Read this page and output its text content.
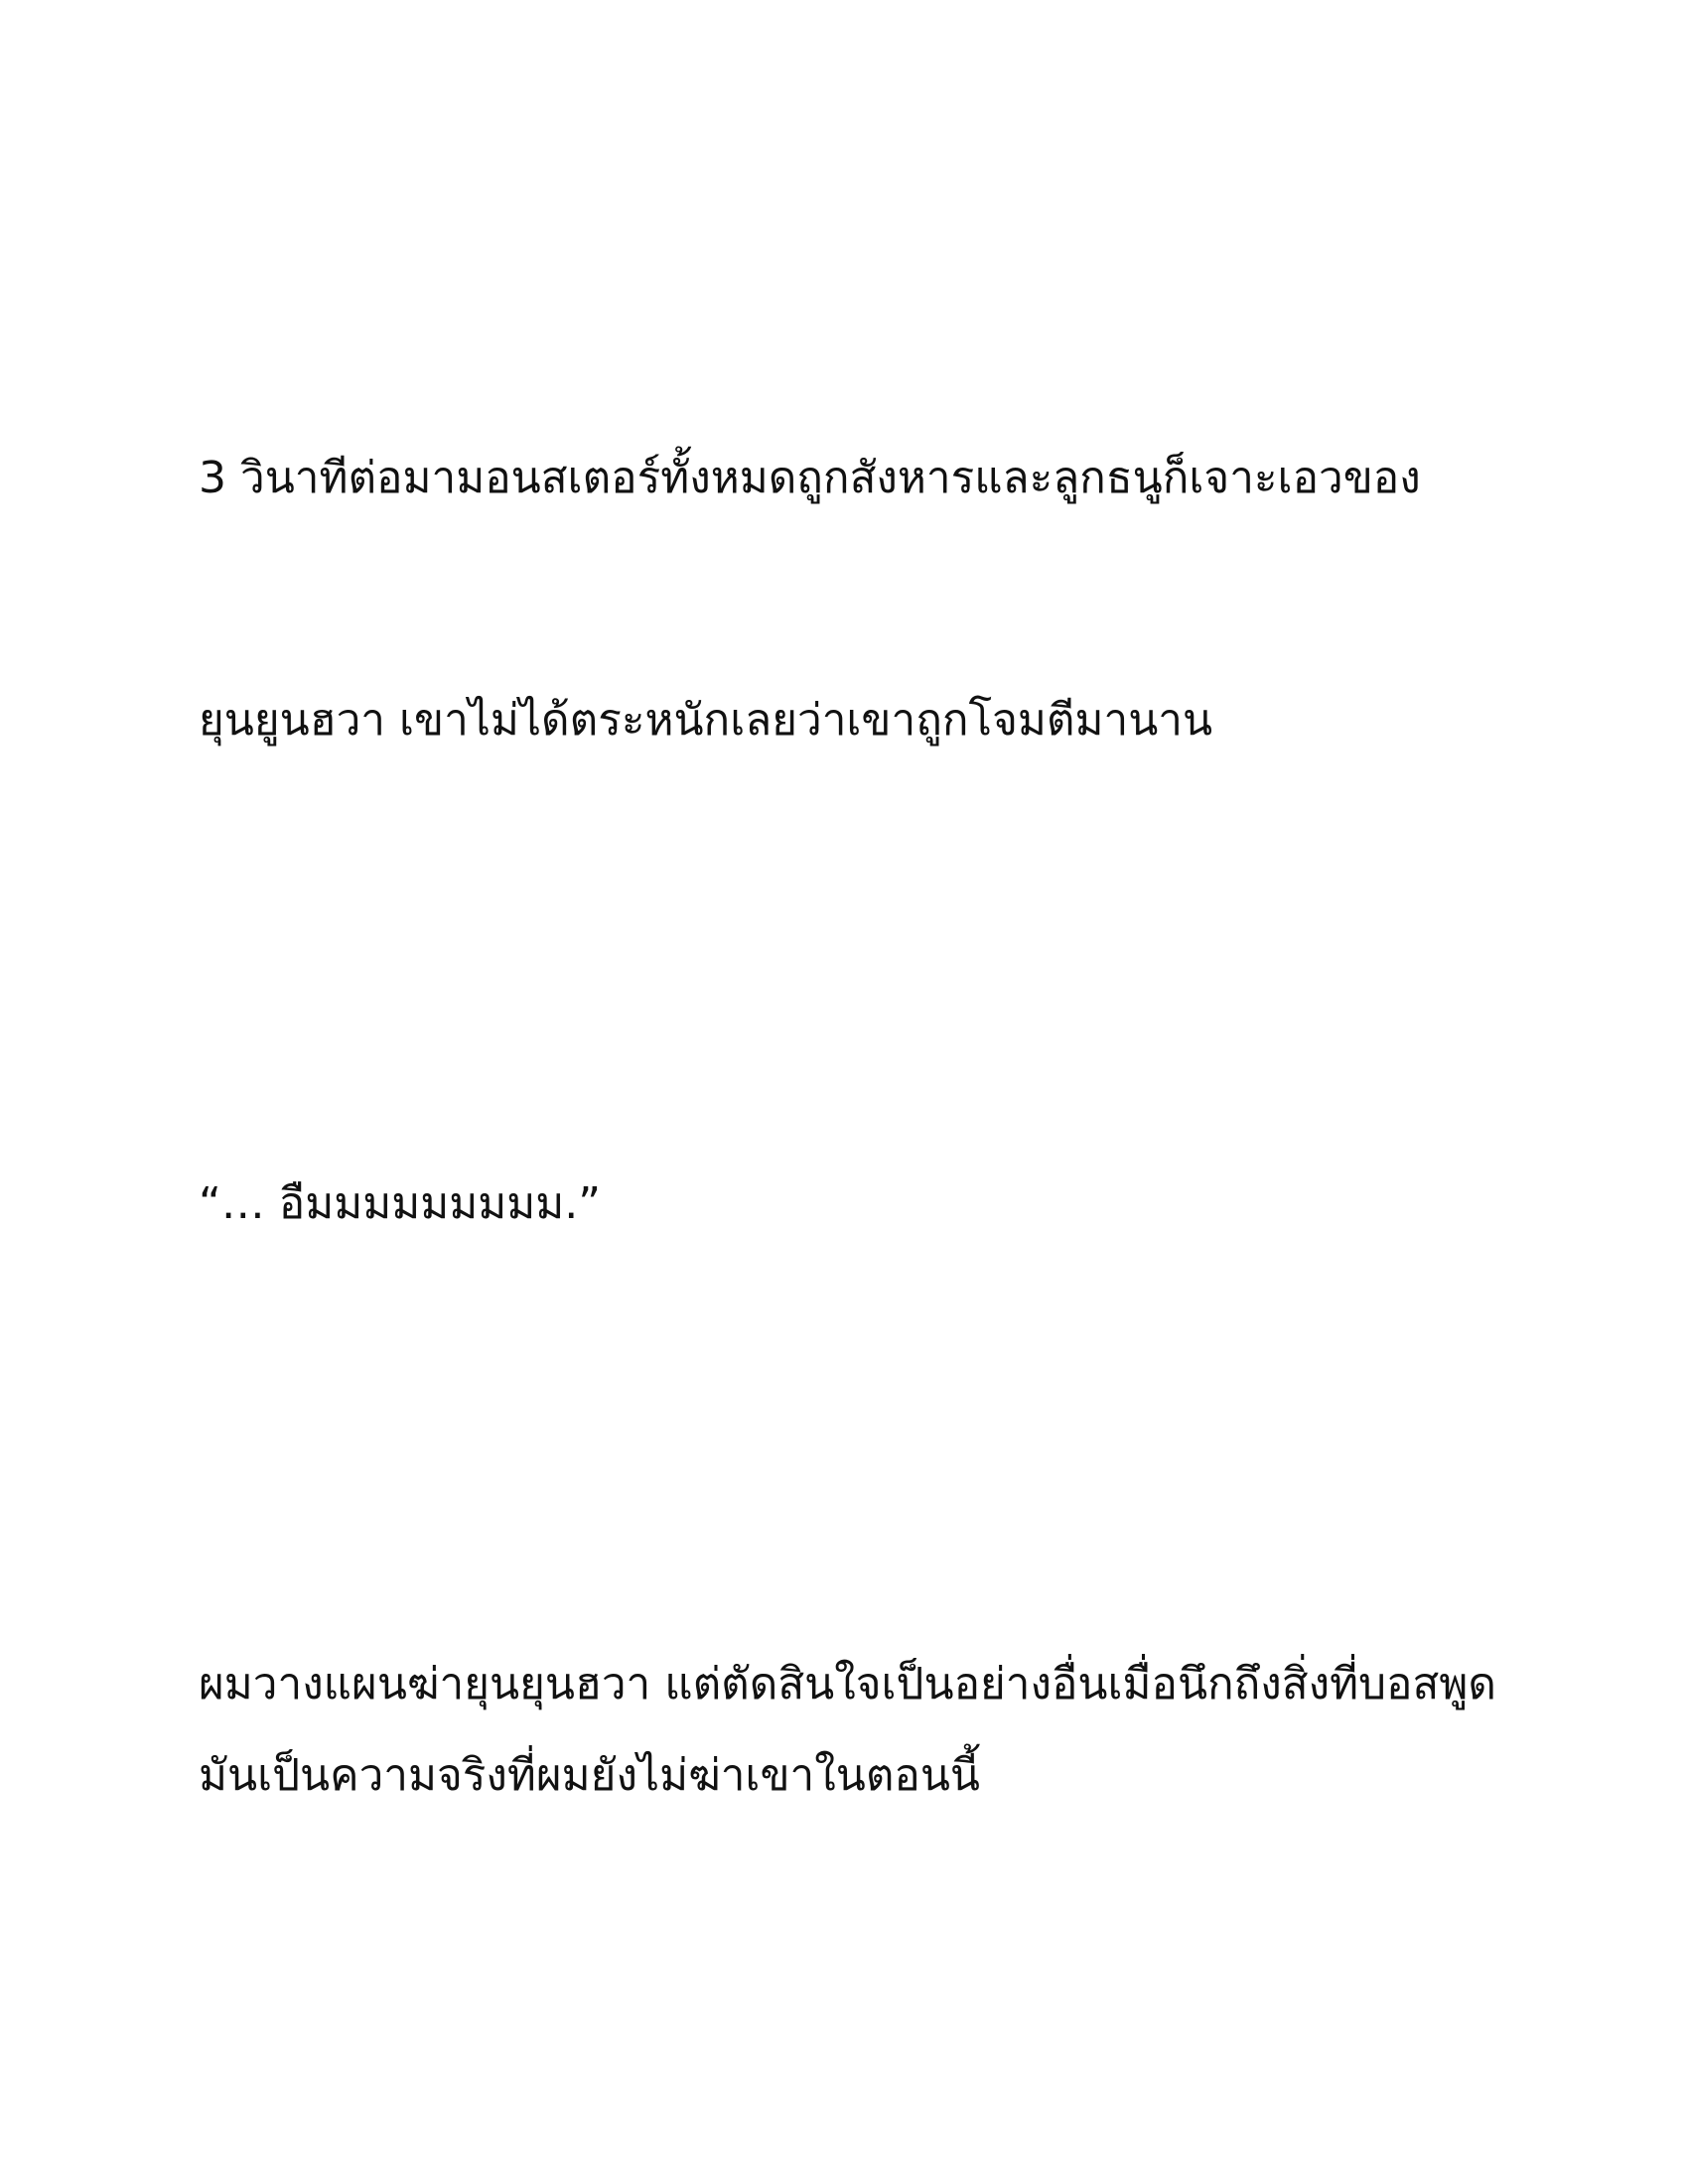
3 วินาทีต่อมามอนสเตอร์ทั้งหมดถูกสังหารและลูกธนูก็เจาะเอวของ

ยุนยูนฮวา เขาไม่ได้ตระหนักเลยว่าเขาถูกโจมตีมานาน

“… อืมมมมมมมมม.”

ผมวางแผนฆ่ายุนยุนฮวา แต่ตัดสินใจเป็นอย่างอื่นเมื่อนึกถึงสิ่งที่บอสพูด

มันเป็นความจริงที่ผมยังไม่ฆ่าเขาในตอนนี้
